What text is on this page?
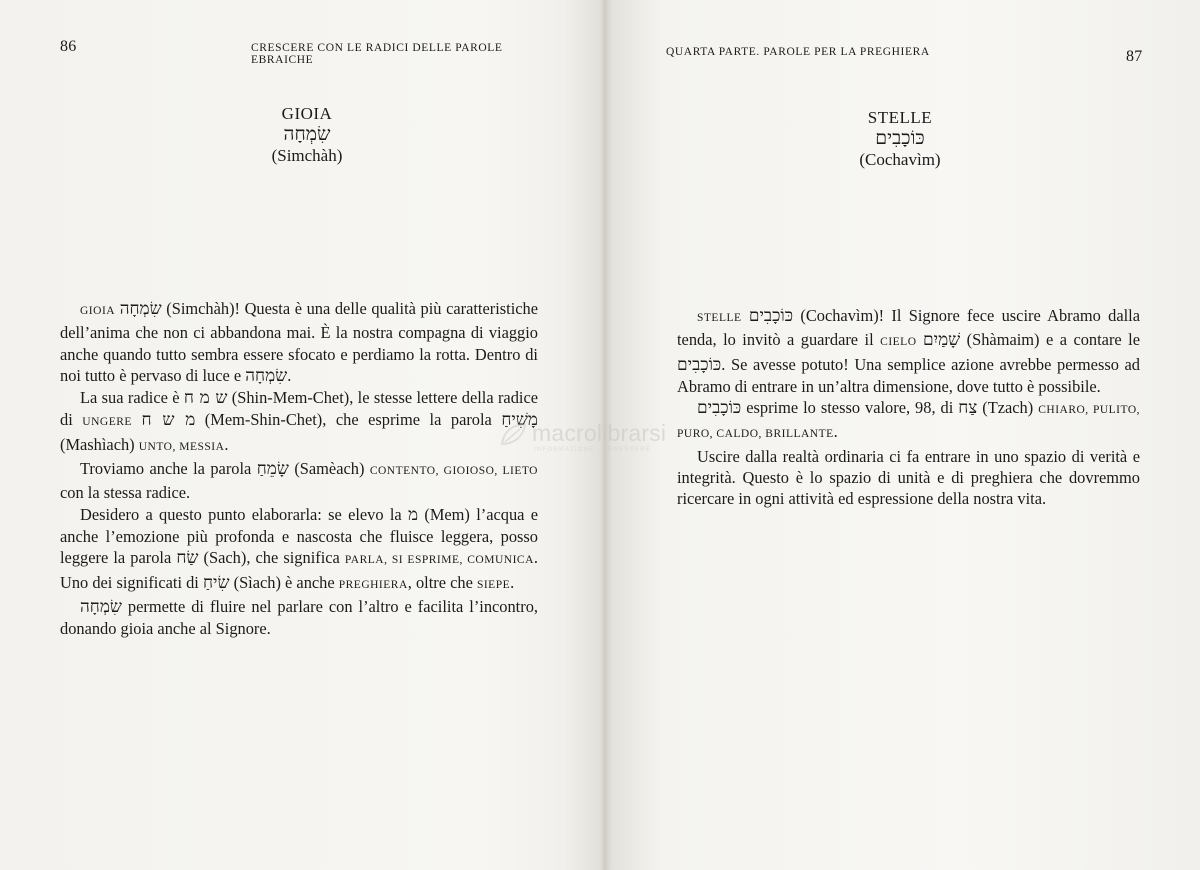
86	CRESCERE CON LE RADICI DELLE PAROLE EBRAICHE
GIOIA
שִׂמְחָה
(Simchàh)

GIOIA שִׂמְחָה (Simchàh)! Questa è una delle qualità più caratteristiche dell’anima che non ci abbandona mai. È la nostra compagna di viaggio anche quando tutto sembra essere sfocato e perdiamo la rotta. Dentro di noi tutto è pervaso di luce e שִׂמְחָה.

La sua radice è ש מ ח (Shin-Mem-Chet), le stesse lettere della radice di UNGERE מ ש ח (Mem-Shin-Chet), che esprime la parola מָשִׁיחַ (Mashìach) UNTO, MESSIA.

Troviamo anche la parola שָׂמֵחַ (Samèach) CONTENTO, GIOIOSO, LIETO con la stessa radice.

Desidero a questo punto elaborarla: se elevo la מ (Mem) l’acqua e anche l’emozione più profonda e nascosta che fluisce leggera, posso leggere la parola שַׂח (Sach), che significa PARLA, SI ESPRIME, COMUNICA. Uno dei significati di שִׂיחַ (Sìach) è anche PREGHIERA, oltre che SIEPE.

שִׂמְחָה permette di fluire nel parlare con l’altro e facilita l’incontro, donando gioia anche al Signore.

QUARTA PARTE. PAROLE PER LA PREGHIERA	87
STELLE
כּוֹכָבִים
(Cochavìm)

STELLE כּוֹכָבִים (Cochavìm)! Il Signore fece uscire Abramo dalla tenda, lo invitò a guardare il CIELO שָׁמַיִם (Shàmaim) e a contare le כּוֹכָבִים. Se avesse potuto! Una semplice azione avrebbe permesso ad Abramo di entrare in un’altra dimensione, dove tutto è possibile.

כּוֹכָבִים esprime lo stesso valore, 98, di צַח (Tzach) CHIARO, PULITO, PURO, CALDO, BRILLANTE.

Uscire dalla realtà ordinaria ci fa entrare in uno spazio di verità e integrità. Questo è lo spazio di unità e di preghiera che dovremmo ricercare in ogni attività ed espressione della nostra vita.

macrolibrarsi
INFORMAZIONE · BENESSERE
